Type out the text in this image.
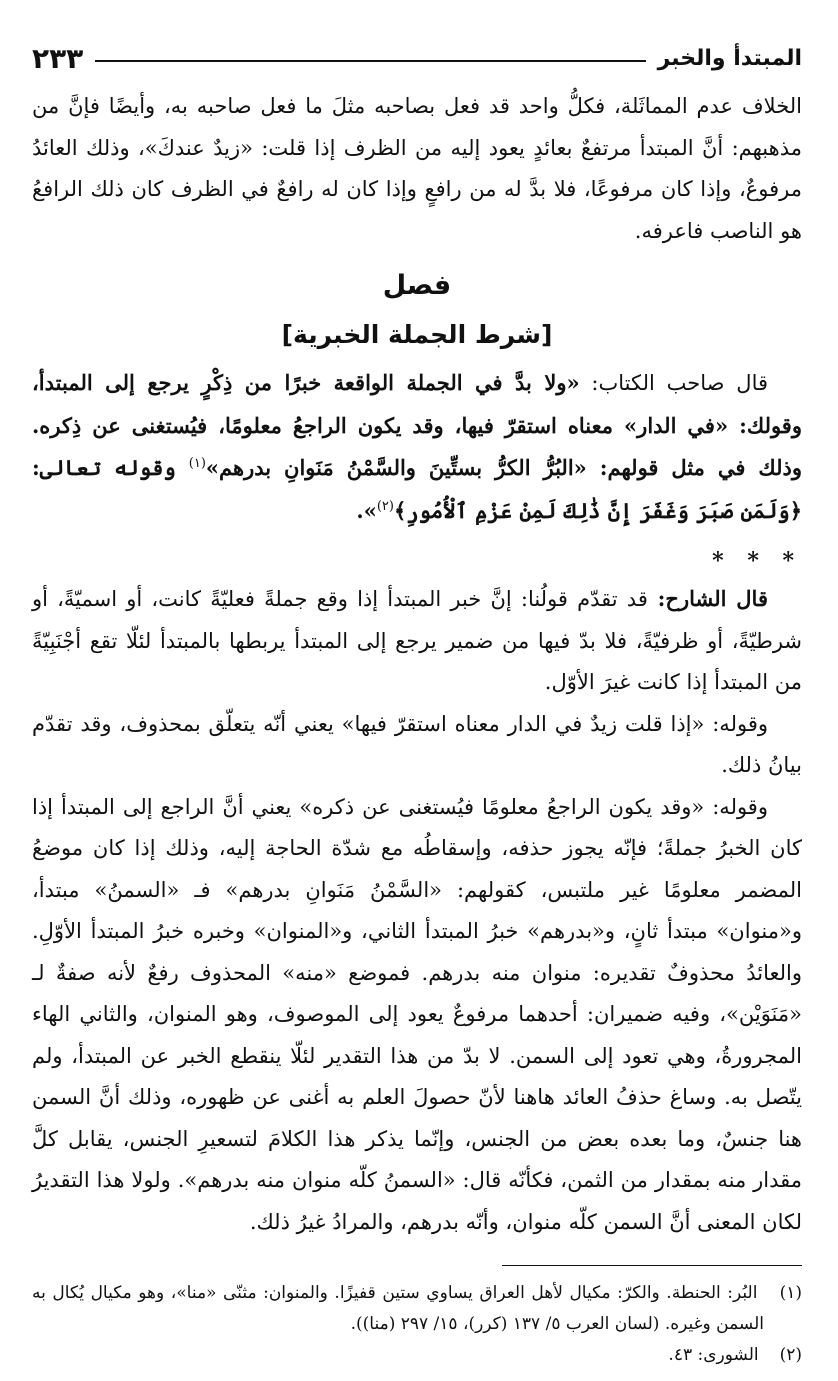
المبتدأ والخبر
٢٣٣

الخلاف عدم المماثَلة، فكلُّ واحد قد فعل بصاحبه مثلَ ما فعل صاحبه به، وأيضًا فإنَّ من مذهبهم: أنَّ المبتدأ مرتفعٌ بعائدٍ يعود إليه من الظرف إذا قلت: «زيدٌ عندكَ»، وذلك العائدُ مرفوعٌ، وإذا كان مرفوعًا، فلا بدَّ له من رافعٍ وإذا كان له رافعٌ في الظرف كان ذلك الرافعُ هو الناصب فاعرفه.

فصل

[شرط الجملة الخبرية]

قال صاحب الكتاب: «ولا بدَّ في الجملة الواقعة خبرًا من ذِكْرٍ يرجع إلى المبتدأ، وقولك: «في الدار» معناه استقرّ فيها، وقد يكون الراجعُ معلومًا، فيُستغنى عن ذِكره. وذلك في مثل قولهم: «البُرُّ الكرُّ بستِّينَ والسَّمْنُ مَنَوانِ بدرهم»$^{(١)}$ وقوله تعالى: ﴿وَلَمَن صَبَرَ وَغَفَرَ إِنَّ ذَٰلِكَ لَمِنْ عَزْمِ ٱلْأُمُورِ﴾$^{(٢)}$».

* * *

قال الشارح: قد تقدّم قولُنا: إنَّ خبر المبتدأ إذا وقع جملةً فعليّةً كانت، أو اسميّةً، أو شرطيّةً، أو ظرفيّةً، فلا بدّ فيها من ضمير يرجع إلى المبتدأ يربطها بالمبتدأ لئلّا تقع أجْنَبِيّةً من المبتدأ إذا كانت غيرَ الأوّل.

وقوله: «إذا قلت زيدٌ في الدار معناه استقرّ فيها» يعني أنّه يتعلّق بمحذوف، وقد تقدّم بيانُ ذلك.

وقوله: «وقد يكون الراجعُ معلومًا فيُستغنى عن ذكره» يعني أنَّ الراجع إلى المبتدأ إذا كان الخبرُ جملةً؛ فإنّه يجوز حذفه، وإسقاطُه مع شدّة الحاجة إليه، وذلك إذا كان موضعُ المضمر معلومًا غير ملتبس، كقولهم: «السَّمْنُ مَنَوانِ بدرهم» فـ «السمنُ» مبتدأ، و«منوان» مبتدأ ثانٍ، و«بدرهم» خبرُ المبتدأ الثاني، و«المنوان» وخبره خبرُ المبتدأ الأوّلِ. والعائدُ محذوفٌ تقديره: منوان منه بدرهم. فموضع «منه» المحذوف رفعٌ لأنه صفةٌ لـ «مَنَوَيْن»، وفيه ضميران: أحدهما مرفوعٌ يعود إلى الموصوف، وهو المنوان، والثاني الهاء المجرورةُ، وهي تعود إلى السمن. لا بدّ من هذا التقدير لئلّا ينقطع الخبر عن المبتدأ، ولم يتّصل به. وساغ حذفُ العائد هاهنا لأنّ حصولَ العلم به أغنى عن ظهوره، وذلك أنَّ السمن هنا جنسٌ، وما بعده بعض من الجنس، وإنّما يذكر هذا الكلامَ لتسعيرِ الجنس، يقابل كلَّ مقدار منه بمقدار من الثمن، فكأنّه قال: «السمنُ كلّه منوان منه بدرهم». ولولا هذا التقديرُ لكان المعنى أنَّ السمن كلّه منوان، وأنّه بدرهم، والمرادُ غيرُ ذلك.

(١) البُر: الحنطة. والكرّ: مكيال لأهل العراق يساوي ستين قفيزًا. والمنوان: مثنّى «منا»، وهو مكيال يُكال به السمن وغيره. (لسان العرب ٥/ ١٣٧ (كرر)، ١٥/ ٢٩٧ (منا)).

(٢) الشورى: ٤٣.
